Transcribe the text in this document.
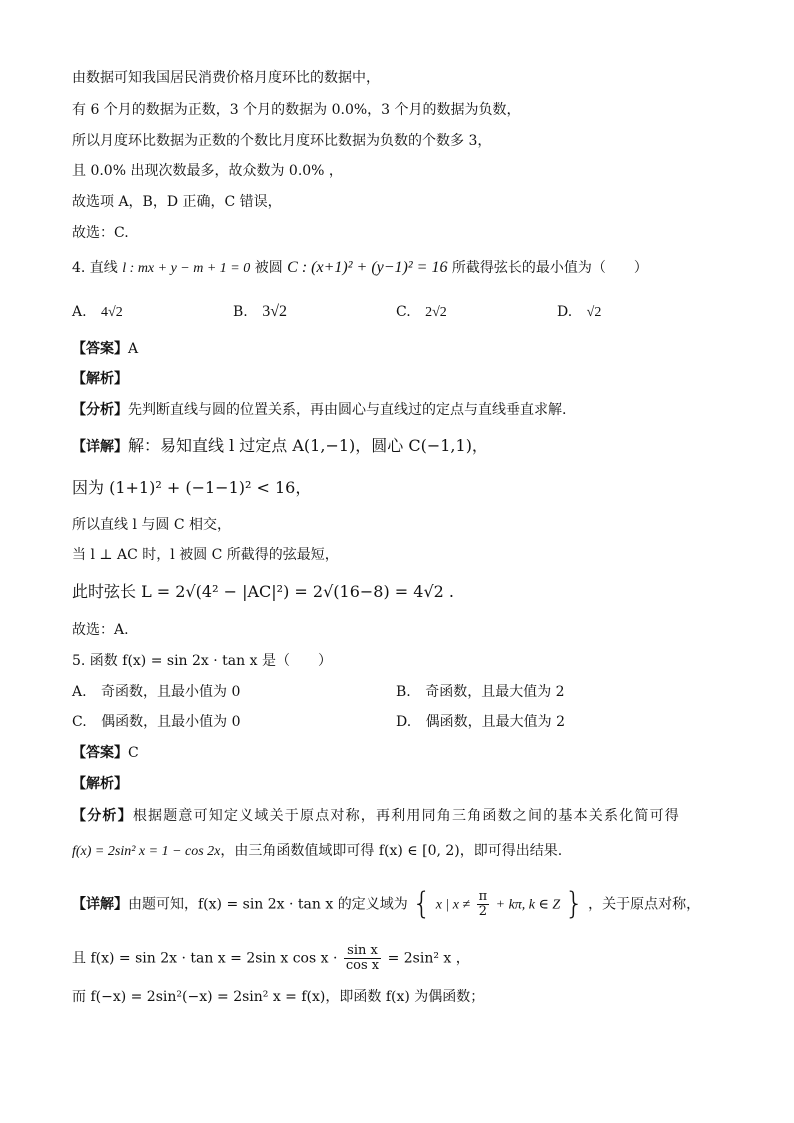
由数据可知我国居民消费价格月度环比的数据中，
有 6 个月的数据为正数，3 个月的数据为 0.0%，3 个月的数据为负数，
所以月度环比数据为正数的个数比月度环比数据为负数的个数多 3，
且 0.0% 出现次数最多，故众数为 0.0% ，
故选项 A，B，D 正确，C 错误，
故选：C.
4. 直线 l : mx + y − m + 1 = 0 被圆 C : (x+1)² + (y−1)² = 16 所截得弦长的最小值为（　　）
A. 4√2	B. 3√2	C. 2√2	D. √2
【答案】A
【解析】
【分析】先判断直线与圆的位置关系，再由圆心与直线过的定点与直线垂直求解.
【详解】解：易知直线 l 过定点 A(1,−1)，圆心 C(−1,1)，
因为 (1+1)² + (−1−1)² < 16，
所以直线 l 与圆 C 相交，
当 l ⊥ AC 时，l 被圆 C 所截得的弦最短，
此时弦长 L = 2√(4² − |AC|²) = 2√(16−8) = 4√2 .
故选：A.
5. 函数 f(x) = sin 2x · tan x 是（　　）
A. 奇函数，且最小值为 0	B. 奇函数，且最大值为 2
C. 偶函数，且最小值为 0	D. 偶函数，且最大值为 2
【答案】C
【解析】
【分析】根据题意可知定义域关于原点对称，再利用同角三角函数之间的基本关系化简可得
f(x) = 2sin² x = 1 − cos 2x，由三角函数值域即可得 f(x) ∈ [0, 2)，即可得出结果.
【详解】由题可知，f(x) = sin 2x · tan x 的定义域为 { x | $x \ne \frac{\pi}{2} + k\pi$, k ∈ Z } ，关于原点对称，
且 f(x) = sin 2x · tan x = 2sin x $\cos x \cdot \frac{\text{sin x}}{\text{cos x}} = 2\sin^2$ x ，
而 f(−x) = 2sin²(−x) = 2sin² x = f(x)，即函数 f(x) 为偶函数；
